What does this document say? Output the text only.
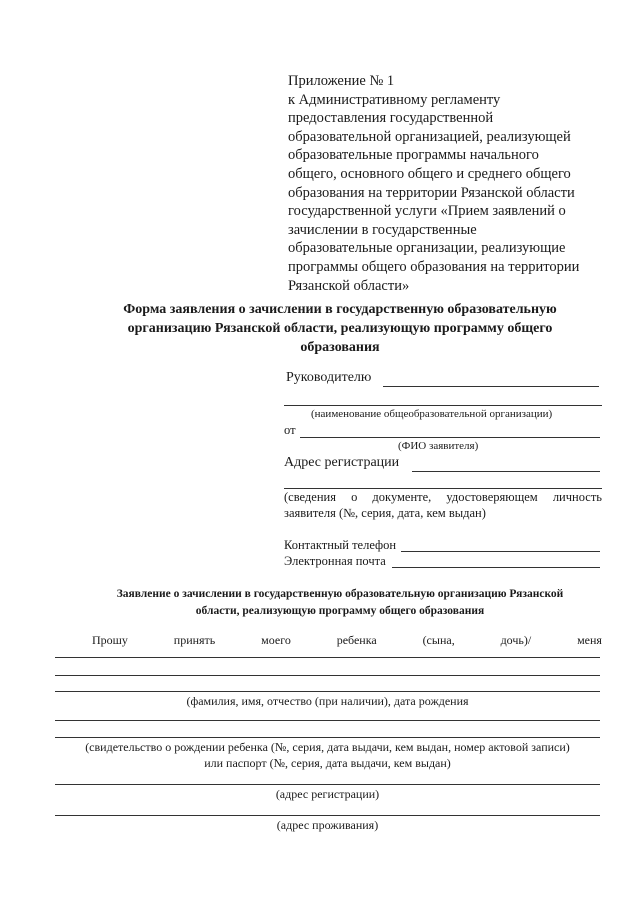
Приложение № 1
к Административному регламенту
предоставления государственной
образовательной организацией, реализующей
образовательные программы начального
общего, основного общего и среднего общего
образования на территории Рязанской области
государственной услуги «Прием заявлений о
зачислении в государственные
образовательные организации, реализующие
программы общего образования на территории
Рязанской области»
Форма заявления о зачислении в государственную образовательную
организацию Рязанской области, реализующую программу общего
образования
Руководителю
(наименование общеобразовательной организации)
от
(ФИО заявителя)
Адрес регистрации
(сведения о документе, удостоверяющем личность
заявителя (№, серия, дата, кем выдан)
Контактный телефон
Электронная почта
Заявление о зачислении в государственную образовательную организацию Рязанской
области, реализующую программу общего образования
Прошу	принять	моего	ребенка	(сына,	дочь)/	меня
(фамилия, имя, отчество (при наличии), дата рождения
(свидетельство о рождении ребенка (№, серия, дата выдачи, кем выдан, номер актовой записи)
или паспорт (№, серия, дата выдачи, кем выдан)
(адрес регистрации)
(адрес проживания)
